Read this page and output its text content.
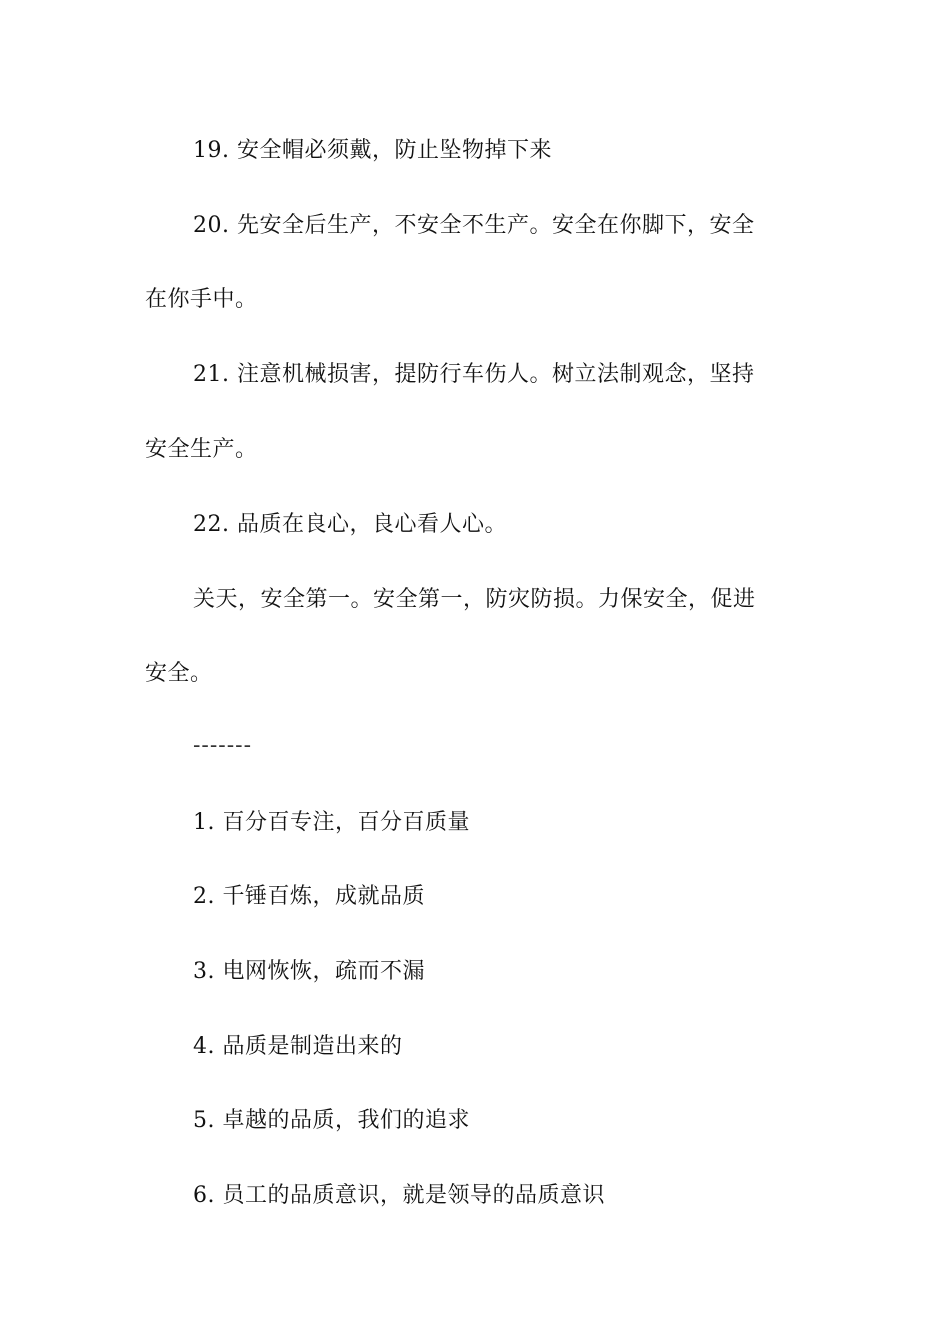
19. 安全帽必须戴，防止坠物掉下来
20. 先安全后生产，不安全不生产。安全在你脚下，安全
在你手中。
21. 注意机械损害，提防行车伤人。树立法制观念，坚持
安全生产。
22. 品质在良心，良心看人心。
关天，安全第一。安全第一，防灾防损。力保安全，促进
安全。
-------
1. 百分百专注，百分百质量
2. 千锤百炼，成就品质
3. 电网恢恢，疏而不漏
4. 品质是制造出来的
5. 卓越的品质，我们的追求
6. 员工的品质意识，就是领导的品质意识
